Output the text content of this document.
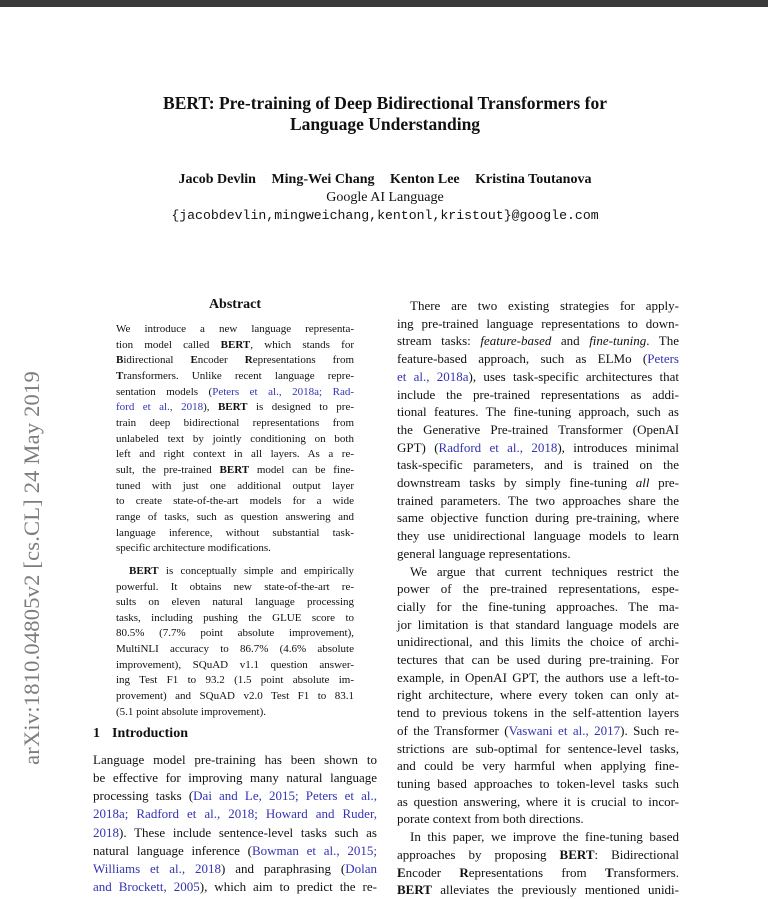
arXiv:1810.04805v2 [cs.CL] 24 May 2019
BERT: Pre-training of Deep Bidirectional Transformers for
Language Understanding
Jacob Devlin Ming-Wei Chang Kenton Lee Kristina Toutanova
Google AI Language
{jacobdevlin,mingweichang,kentonl,kristout}@google.com
Abstract
We introduce a new language representa-
tion model called BERT, which stands for
Bidirectional Encoder Representations from
Transformers. Unlike recent language repre-
sentation models (Peters et al., 2018a; Rad-
ford et al., 2018), BERT is designed to pre-
train deep bidirectional representations from
unlabeled text by jointly conditioning on both
left and right context in all layers. As a re-
sult, the pre-trained BERT model can be fine-
tuned with just one additional output layer
to create state-of-the-art models for a wide
range of tasks, such as question answering and
language inference, without substantial task-
specific architecture modifications.
BERT is conceptually simple and empirically
powerful. It obtains new state-of-the-art re-
sults on eleven natural language processing
tasks, including pushing the GLUE score to
80.5% (7.7% point absolute improvement),
MultiNLI accuracy to 86.7% (4.6% absolute
improvement), SQuAD v1.1 question answer-
ing Test F1 to 93.2 (1.5 point absolute im-
provement) and SQuAD v2.0 Test F1 to 83.1
(5.1 point absolute improvement).
1 Introduction
Language model pre-training has been shown to
be effective for improving many natural language
processing tasks (Dai and Le, 2015; Peters et al.,
2018a; Radford et al., 2018; Howard and Ruder,
2018). These include sentence-level tasks such as
natural language inference (Bowman et al., 2015;
Williams et al., 2018) and paraphrasing (Dolan
and Brockett, 2005), which aim to predict the re-
There are two existing strategies for apply-
ing pre-trained language representations to down-
stream tasks: feature-based and fine-tuning. The
feature-based approach, such as ELMo (Peters
et al., 2018a), uses task-specific architectures that
include the pre-trained representations as addi-
tional features. The fine-tuning approach, such as
the Generative Pre-trained Transformer (OpenAI
GPT) (Radford et al., 2018), introduces minimal
task-specific parameters, and is trained on the
downstream tasks by simply fine-tuning all pre-
trained parameters. The two approaches share the
same objective function during pre-training, where
they use unidirectional language models to learn
general language representations.
We argue that current techniques restrict the
power of the pre-trained representations, espe-
cially for the fine-tuning approaches. The ma-
jor limitation is that standard language models are
unidirectional, and this limits the choice of archi-
tectures that can be used during pre-training. For
example, in OpenAI GPT, the authors use a left-to-
right architecture, where every token can only at-
tend to previous tokens in the self-attention layers
of the Transformer (Vaswani et al., 2017). Such re-
strictions are sub-optimal for sentence-level tasks,
and could be very harmful when applying fine-
tuning based approaches to token-level tasks such
as question answering, where it is crucial to incor-
porate context from both directions.
In this paper, we improve the fine-tuning based
approaches by proposing BERT: Bidirectional
Encoder Representations from Transformers.
BERT alleviates the previously mentioned unidi-
